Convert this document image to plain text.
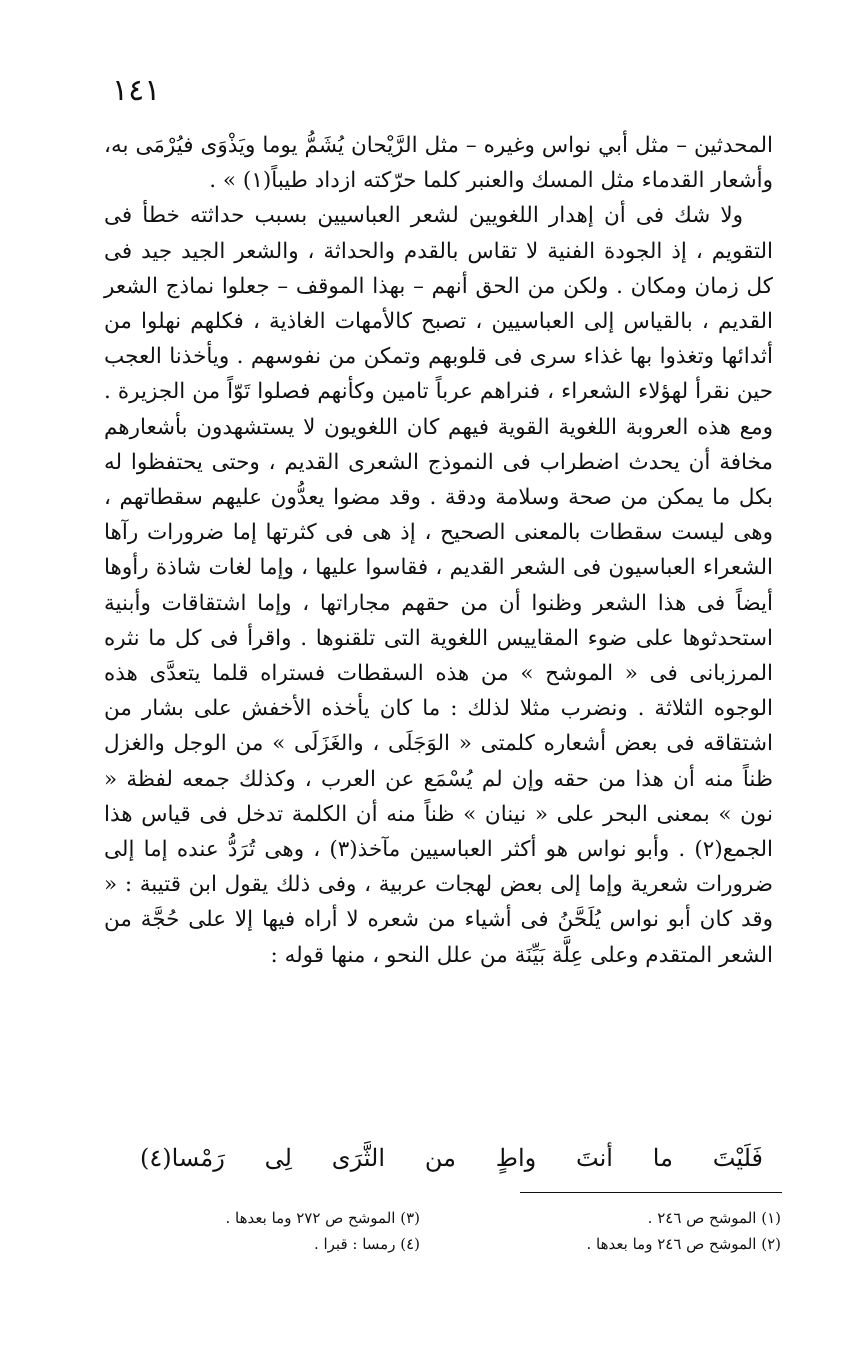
١٤١

المحدثين – مثل أبي نواس وغيره – مثل الرَّيْحان يُشَمُّ يوما ويَذْوَى فيُرْمَى به، وأشعار القدماء مثل المسك والعنبر كلما حرّكته ازداد طيباً(١) » .

ولا شك فى أن إهدار اللغويين لشعر العباسيين بسبب حداثته خطأ فى التقويم ، إذ الجودة الفنية لا تقاس بالقدم والحداثة ، والشعر الجيد جيد فى كل زمان ومكان . ولكن من الحق أنهم – بهذا الموقف – جعلوا نماذج الشعر القديم ، بالقياس إلى العباسيين ، تصبح كالأمهات الغاذية ، فكلهم نهلوا من أثدائها وتغذوا بها غذاء سرى فى قلوبهم وتمكن من نفوسهم . ويأخذنا العجب حين نقرأ لهؤلاء الشعراء ، فنراهم عرباً تامين وكأنهم فصلوا تَوّاً من الجزيرة . ومع هذه العروبة اللغوية القوية فيهم كان اللغويون لا يستشهدون بأشعارهم مخافة أن يحدث اضطراب فى النموذج الشعرى القديم ، وحتى يحتفظوا له بكل ما يمكن من صحة وسلامة ودقة . وقد مضوا يعدُّون عليهم سقطاتهم ، وهى ليست سقطات بالمعنى الصحيح ، إذ هى فى كثرتها إما ضرورات رآها الشعراء العباسيون فى الشعر القديم ، فقاسوا عليها ، وإما لغات شاذة رأوها أيضاً فى هذا الشعر وظنوا أن من حقهم مجاراتها ، وإما اشتقاقات وأبنية استحدثوها على ضوء المقاييس اللغوية التى تلقنوها . واقرأ فى كل ما نثره المرزبانى فى « الموشح » من هذه السقطات فستراه قلما يتعدَّى هذه الوجوه الثلاثة . ونضرب مثلا لذلك : ما كان يأخذه الأخفش على بشار من اشتقاقه فى بعض أشعاره كلمتى « الوَجَلَى ، والغَزَلَى » من الوجل والغزل ظناً منه أن هذا من حقه وإن لم يُسْمَع عن العرب ، وكذلك جمعه لفظة « نون » بمعنى البحر على « نينان » ظناً منه أن الكلمة تدخل فى قياس هذا الجمع(٢) . وأبو نواس هو أكثر العباسيين مآخذ(٣) ، وهى تُرَدُّ عنده إما إلى ضرورات شعرية وإما إلى بعض لهجات عربية ، وفى ذلك يقول ابن قتيبة : « وقد كان أبو نواس يُلَحَّنُ فى أشياء من شعره لا أراه فيها إلا على حُجَّة من الشعر المتقدم وعلى عِلَّة بَيِّنَة من علل النحو ، منها قوله :

فَلَيْتَ
ما
أنتَ
واطٍ
من
الثَّرَى
لِى
رَمْسا(٤)
(١) الموشح ص ٢٤٦ .
(٢) الموشح ص ٢٤٦ وما بعدها .
(٣) الموشح ص ٢٧٢ وما بعدها .
(٤) رمسا : قبرا .
